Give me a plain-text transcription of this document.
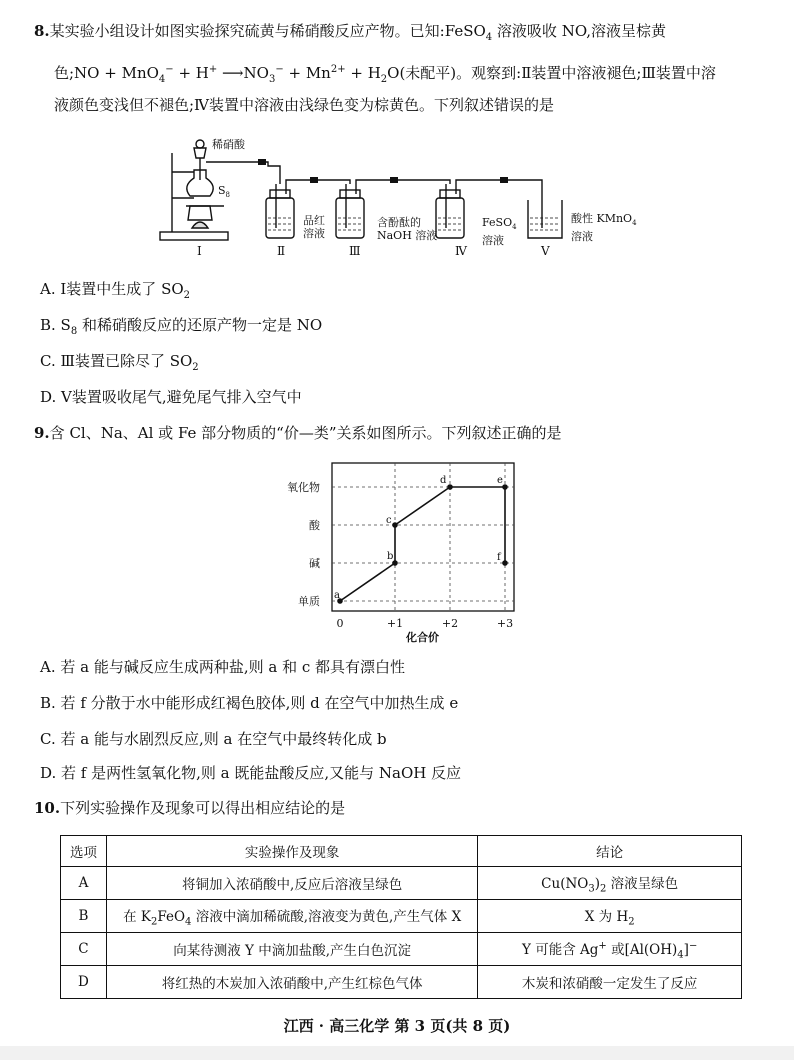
8.某实验小组设计如图实验探究硫黄与稀硝酸反应产物。已知:FeSO$_4$ 溶液吸收 NO,溶液呈棕黄
色;NO + MnO$_4$− + H+ $⟶NO_3^- + Mn^{2+} + H_2O$(未配平)。观察到:Ⅱ装置中溶液褪色;Ⅲ装置中溶
液颜色变浅但不褪色;Ⅳ装置中溶液由浅绿色变为棕黄色。下列叙述错误的是
稀硝酸
$S_8$
Ⅰ
品红
溶液
Ⅱ
含酚酞的
NaOH 溶液
Ⅲ
FeSO$_4$
溶液
Ⅳ
酸性 KMnO$_4$
溶液
Ⅴ
A. Ⅰ装置中生成了 $SO_2$
B. $S_8$ 和稀硝酸反应的还原产物一定是 NO
C. Ⅲ装置已除尽了 $SO_2$
D. Ⅴ装置吸收尾气,避免尾气排入空气中
9.含 Cl、Na、Al 或 Fe 部分物质的“价—类”关系如图所示。下列叙述正确的是
单质
碱
酸
氧化物
0	+1	+2	+3
化合价
a
b
c
d	e
f
A. 若 a 能与碱反应生成两种盐,则 a 和 c 都具有漂白性
B. 若 f 分散于水中能形成红褐色胶体,则 d 在空气中加热生成 e
C. 若 a 能与水剧烈反应,则 a 在空气中最终转化成 b
D. 若 f 是两性氢氧化物,则 a 既能盐酸反应,又能与 NaOH 反应
10.下列实验操作及现象可以得出相应结论的是
选项	实验操作及现象	结论
A	将铜加入浓硝酸中,反应后溶液呈绿色	$Cu(NO_3)_2$ 溶液呈绿色
B	在 $K_2FeO_4$ 溶液中滴加稀硫酸,溶液变为黄色,产生气体 X	X 为 $H_2$
C	向某待测液 Y 中滴加盐酸,产生白色沉淀	Y 可能含 Ag+ 或$[Al(OH)_4]^-$
D	将红热的木炭加入浓硝酸中,产生红棕色气体	木炭和浓硝酸一定发生了反应
江西 · 高三化学 第 3 页(共 8 页)
